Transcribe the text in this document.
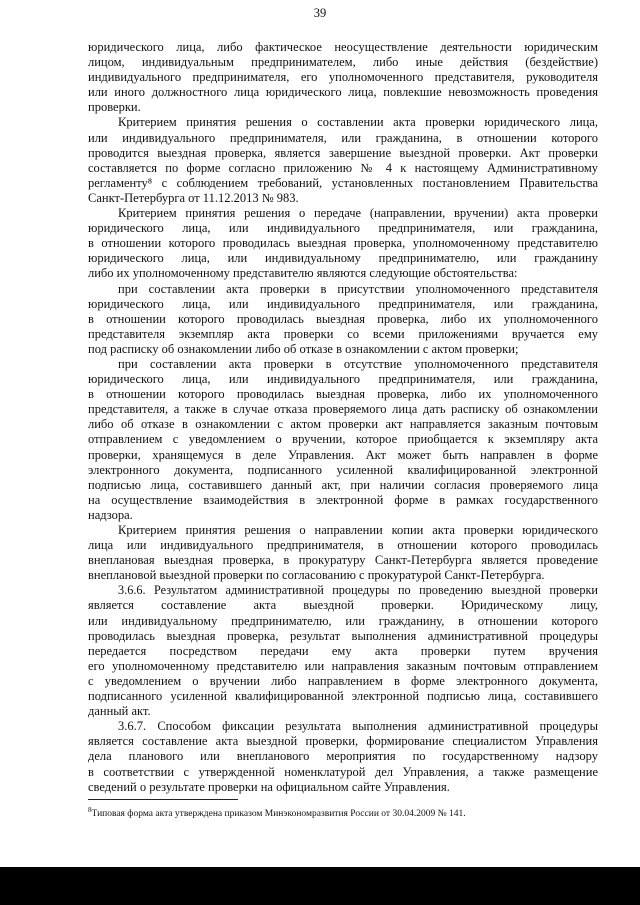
39
юридического лица, либо фактическое неосуществление деятельности юридическим
лицом, индивидуальным предпринимателем, либо иные действия (бездействие)
индивидуального предпринимателя, его уполномоченного представителя, руководителя
или иного должностного лица юридического лица, повлекшие невозможность проведения
проверки.
Критерием принятия решения о составлении акта проверки юридического лица,
или индивидуального предпринимателя, или гражданина, в отношении которого
проводится выездная проверка, является завершение выездной проверки. Акт проверки
составляется по форме согласно приложению № 4 к настоящему Административному
регламенту⁸ с соблюдением требований, установленных постановлением Правительства
Санкт-Петербурга от 11.12.2013 № 983.
Критерием принятия решения о передаче (направлении, вручении) акта проверки
юридического лица, или индивидуального предпринимателя, или гражданина,
в отношении которого проводилась выездная проверка, уполномоченному представителю
юридического лица, или индивидуальному предпринимателю, или гражданину
либо их уполномоченному представителю являются следующие обстоятельства:
при составлении акта проверки в присутствии уполномоченного представителя
юридического лица, или индивидуального предпринимателя, или гражданина,
в отношении которого проводилась выездная проверка, либо их уполномоченного
представителя экземпляр акта проверки со всеми приложениями вручается ему
под расписку об ознакомлении либо об отказе в ознакомлении с актом проверки;
при составлении акта проверки в отсутствие уполномоченного представителя
юридического лица, или индивидуального предпринимателя, или гражданина,
в отношении которого проводилась выездная проверка, либо их уполномоченного
представителя, а также в случае отказа проверяемого лица дать расписку об ознакомлении
либо об отказе в ознакомлении с актом проверки акт направляется заказным почтовым
отправлением с уведомлением о вручении, которое приобщается к экземпляру акта
проверки, хранящемуся в деле Управления. Акт может быть направлен в форме
электронного документа, подписанного усиленной квалифицированной электронной
подписью лица, составившего данный акт, при наличии согласия проверяемого лица
на осуществление взаимодействия в электронной форме в рамках государственного
надзора.
Критерием принятия решения о направлении копии акта проверки юридического
лица или индивидуального предпринимателя, в отношении которого проводилась
внеплановая выездная проверка, в прокуратуру Санкт-Петербурга является проведение
внеплановой выездной проверки по согласованию с прокуратурой Санкт-Петербурга.
3.6.6. Результатом административной процедуры по проведению выездной проверки
является составление акта выездной проверки. Юридическому лицу,
или индивидуальному предпринимателю, или гражданину, в отношении которого
проводилась выездная проверка, результат выполнения административной процедуры
передается посредством передачи ему акта проверки путем вручения
его уполномоченному представителю или направления заказным почтовым отправлением
с уведомлением о вручении либо направлением в форме электронного документа,
подписанного усиленной квалифицированной электронной подписью лица, составившего
данный акт.
3.6.7. Способом фиксации результата выполнения административной процедуры
является составление акта выездной проверки, формирование специалистом Управления
дела планового или внепланового мероприятия по государственному надзору
в соответствии с утвержденной номенклатурой дел Управления, а также размещение
сведений о результате проверки на официальном сайте Управления.
$^8$Типовая форма акта утверждена приказом Минэкономразвития России от 30.04.2009 № 141.
